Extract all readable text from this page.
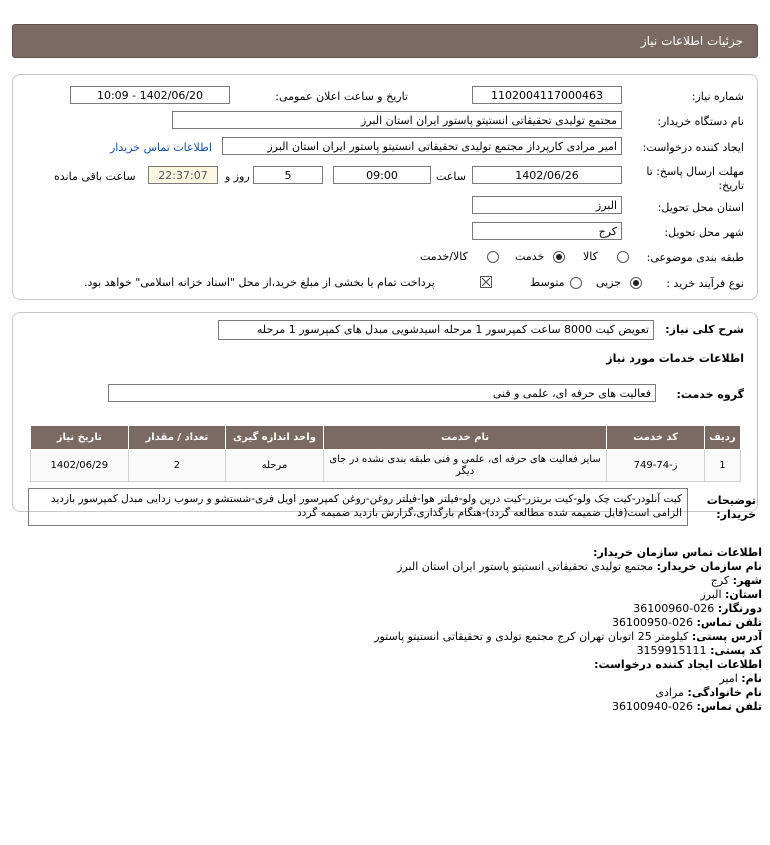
جزئیات اطلاعات نیاز
شماره نیاز:
1102004117000463
تاریخ و ساعت اعلان عمومی:
1402/06/20 - 10:09
نام دستگاه خریدار:
مجتمع تولیدی تحقیقاتی انستیتو پاستور ایران استان البرز
ایجاد کننده درخواست:
امیر مرادی کارپرداز مجتمع تولیدی تحقیقاتی انستیتو پاستور ایران استان البرز
اطلاعات تماس خریدار
مهلت ارسال پاسخ: تا تاریخ:
1402/06/26
ساعت
09:00
5
روز و
22:37:07
ساعت باقی مانده
استان محل تحویل:
البرز
شهر محل تحویل:
کرج
طبقه بندی موضوعی:
کالا
خدمت
کالا/خدمت
نوع فرآیند خرید :
جزیی
متوسط
پرداخت تمام یا بخشی از مبلغ خرید،از محل "اسناد خزانه اسلامی" خواهد بود.
شرح کلی نیاز:
تعویض کیت 8000 ساعت کمپرسور 1 مرحله اسیدشویی مبدل های کمپرسور 1 مرحله
اطلاعات خدمات مورد نیاز
گروه خدمت:
فعالیت های حرفه ای، علمی و فنی
ردیف	کد خدمت	نام خدمت	واحد اندازه گیری	تعداد / مقدار	تاریخ نیاز
1	ز-74-749	سایر فعالیت های حرفه ای، علمی و فنی طبقه بندی نشده در جای دیگر	مرحله	2	1402/06/29
توضیحات خریدار:
کیت آنلودر-کیت چک ولو-کیت بریتزر-کیت درین ولو-فیلتر هوا-فیلتر روغن-روغن کمپرسور اویل فری-شستشو و رسوب زدایی مبدل کمپرسور بازدید الزامی است(فایل ضمیمه شده مطالعه گردد)-هنگام بارگذاری،گزارش بازدید ضمیمه گردد
اطلاعات تماس سازمان خریدار:
نام سازمان خریدار: مجتمع تولیدی تحقیقاتی انستیتو پاستور ایران استان البرز
شهر: کرج
استان: البرز
دورنگار: 026-36100960
تلفن تماس: 026-36100950
آدرس پستی: کیلومتر 25 اتوبان تهران کرج مجتمع تولدی و تحقیقاتی انستیتو پاستور
کد پستی: 3159915111
اطلاعات ایجاد کننده درخواست:
نام: امیر
نام خانوادگی: مرادی
تلفن تماس: 026-36100940
